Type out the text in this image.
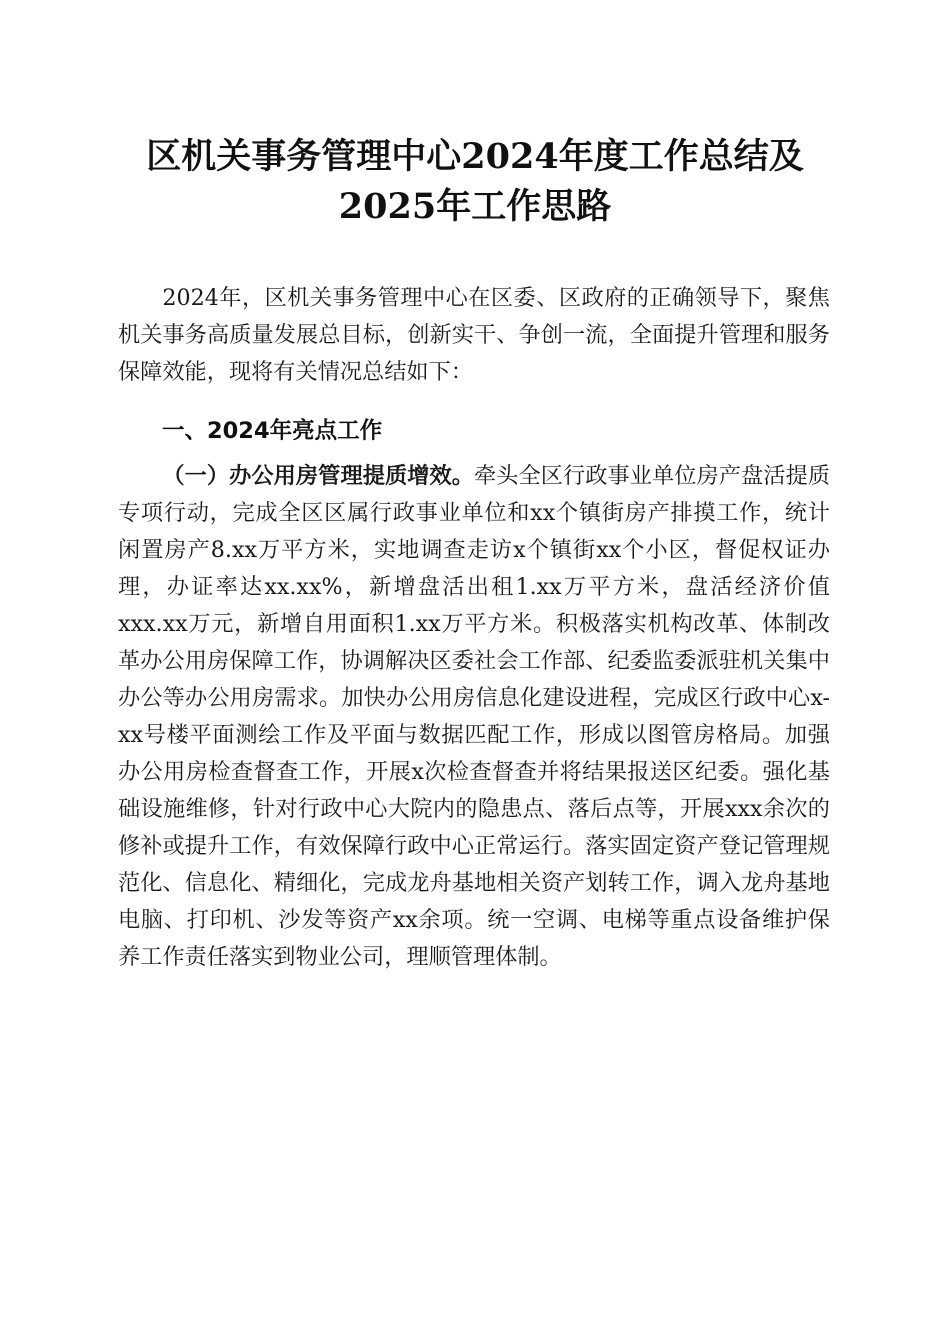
区机关事务管理中心2024年度工作总结及
2025年工作思路

2024年，区机关事务管理中心在区委、区政府的正确领导下，聚焦机关事务高质量发展总目标，创新实干、争创一流，全面提升管理和服务保障效能，现将有关情况总结如下：

一、2024年亮点工作

（一）办公用房管理提质增效。牵头全区行政事业单位房产盘活提质专项行动，完成全区区属行政事业单位和xx个镇街房产排摸工作，统计闲置房产8.xx万平方米，实地调查走访x个镇街xx个小区，督促权证办理，办证率达xx.xx%，新增盘活出租1.xx万平方米，盘活经济价值xxx.xx万元，新增自用面积1.xx万平方米。积极落实机构改革、体制改革办公用房保障工作，协调解决区委社会工作部、纪委监委派驻机关集中办公等办公用房需求。加快办公用房信息化建设进程，完成区行政中心x-xx号楼平面测绘工作及平面与数据匹配工作，形成以图管房格局。加强办公用房检查督查工作，开展x次检查督查并将结果报送区纪委。强化基础设施维修，针对行政中心大院内的隐患点、落后点等，开展xxx余次的修补或提升工作，有效保障行政中心正常运行。落实固定资产登记管理规范化、信息化、精细化，完成龙舟基地相关资产划转工作，调入龙舟基地电脑、打印机、沙发等资产xx余项。统一空调、电梯等重点设备维护保养工作责任落实到物业公司，理顺管理体制。
